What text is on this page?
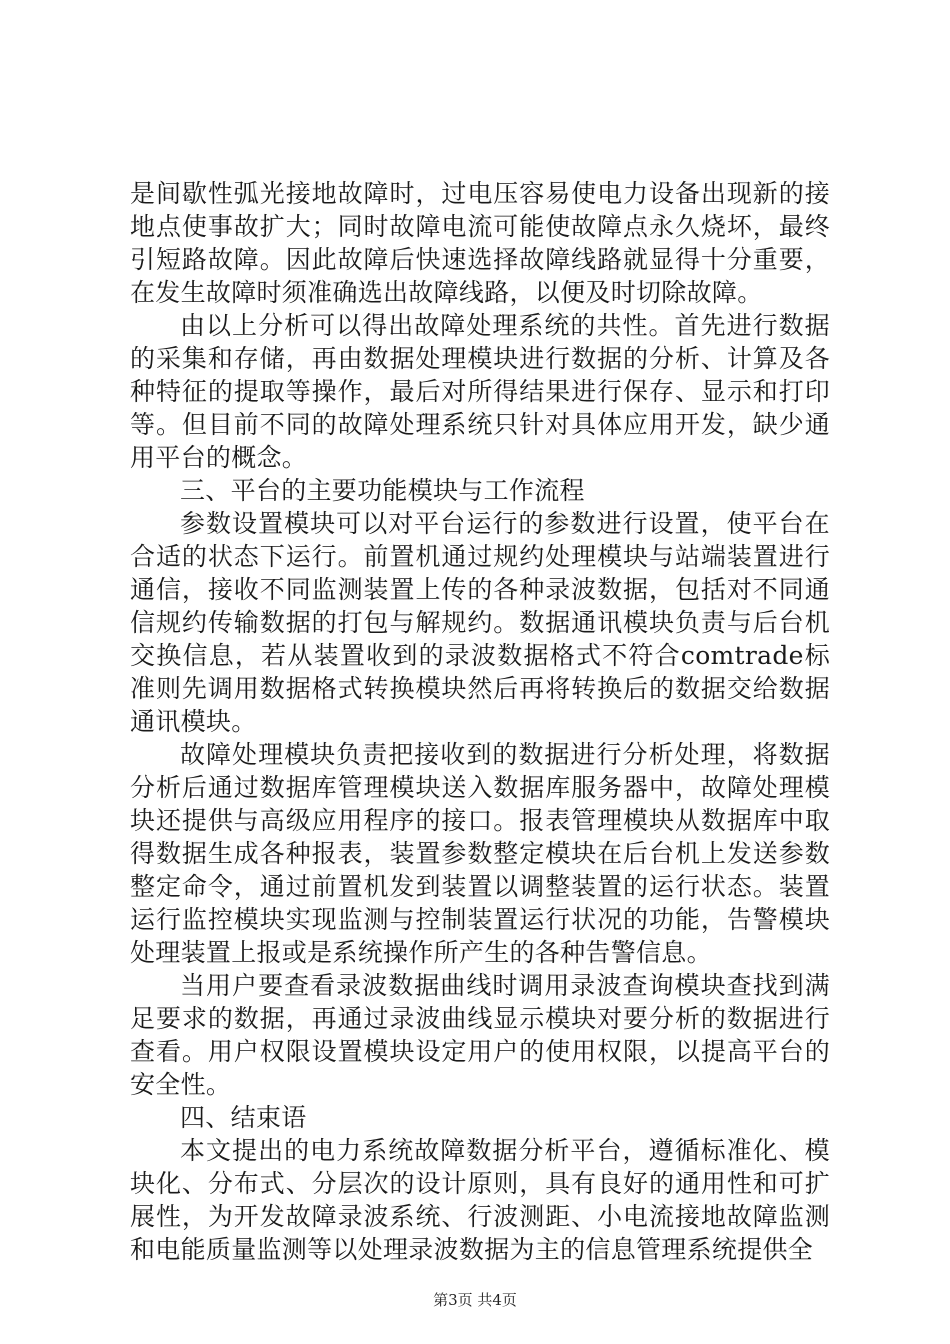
是间歇性弧光接地故障时，过电压容易使电力设备出现新的接地点使事故扩大；同时故障电流可能使故障点永久烧坏，最终引短路故障。因此故障后快速选择故障线路就显得十分重要，在发生故障时须准确选出故障线路，以便及时切除故障。

由以上分析可以得出故障处理系统的共性。首先进行数据的采集和存储，再由数据处理模块进行数据的分析、计算及各种特征的提取等操作，最后对所得结果进行保存、显示和打印等。但目前不同的故障处理系统只针对具体应用开发，缺少通用平台的概念。

三、平台的主要功能模块与工作流程

参数设置模块可以对平台运行的参数进行设置，使平台在合适的状态下运行。前置机通过规约处理模块与站端装置进行通信，接收不同监测装置上传的各种录波数据，包括对不同通信规约传输数据的打包与解规约。数据通讯模块负责与后台机交换信息，若从装置收到的录波数据格式不符合comtrade标准则先调用数据格式转换模块然后再将转换后的数据交给数据通讯模块。

故障处理模块负责把接收到的数据进行分析处理，将数据分析后通过数据库管理模块送入数据库服务器中，故障处理模块还提供与高级应用程序的接口。报表管理模块从数据库中取得数据生成各种报表，装置参数整定模块在后台机上发送参数整定命令，通过前置机发到装置以调整装置的运行状态。装置运行监控模块实现监测与控制装置运行状况的功能，告警模块处理装置上报或是系统操作所产生的各种告警信息。

当用户要查看录波数据曲线时调用录波查询模块查找到满足要求的数据，再通过录波曲线显示模块对要分析的数据进行查看。用户权限设置模块设定用户的使用权限，以提高平台的安全性。

四、结束语

本文提出的电力系统故障数据分析平台，遵循标准化、模块化、分布式、分层次的设计原则，具有良好的通用性和可扩展性，为开发故障录波系统、行波测距、小电流接地故障监测和电能质量监测等以处理录波数据为主的信息管理系统提供全

第3页 共4页
